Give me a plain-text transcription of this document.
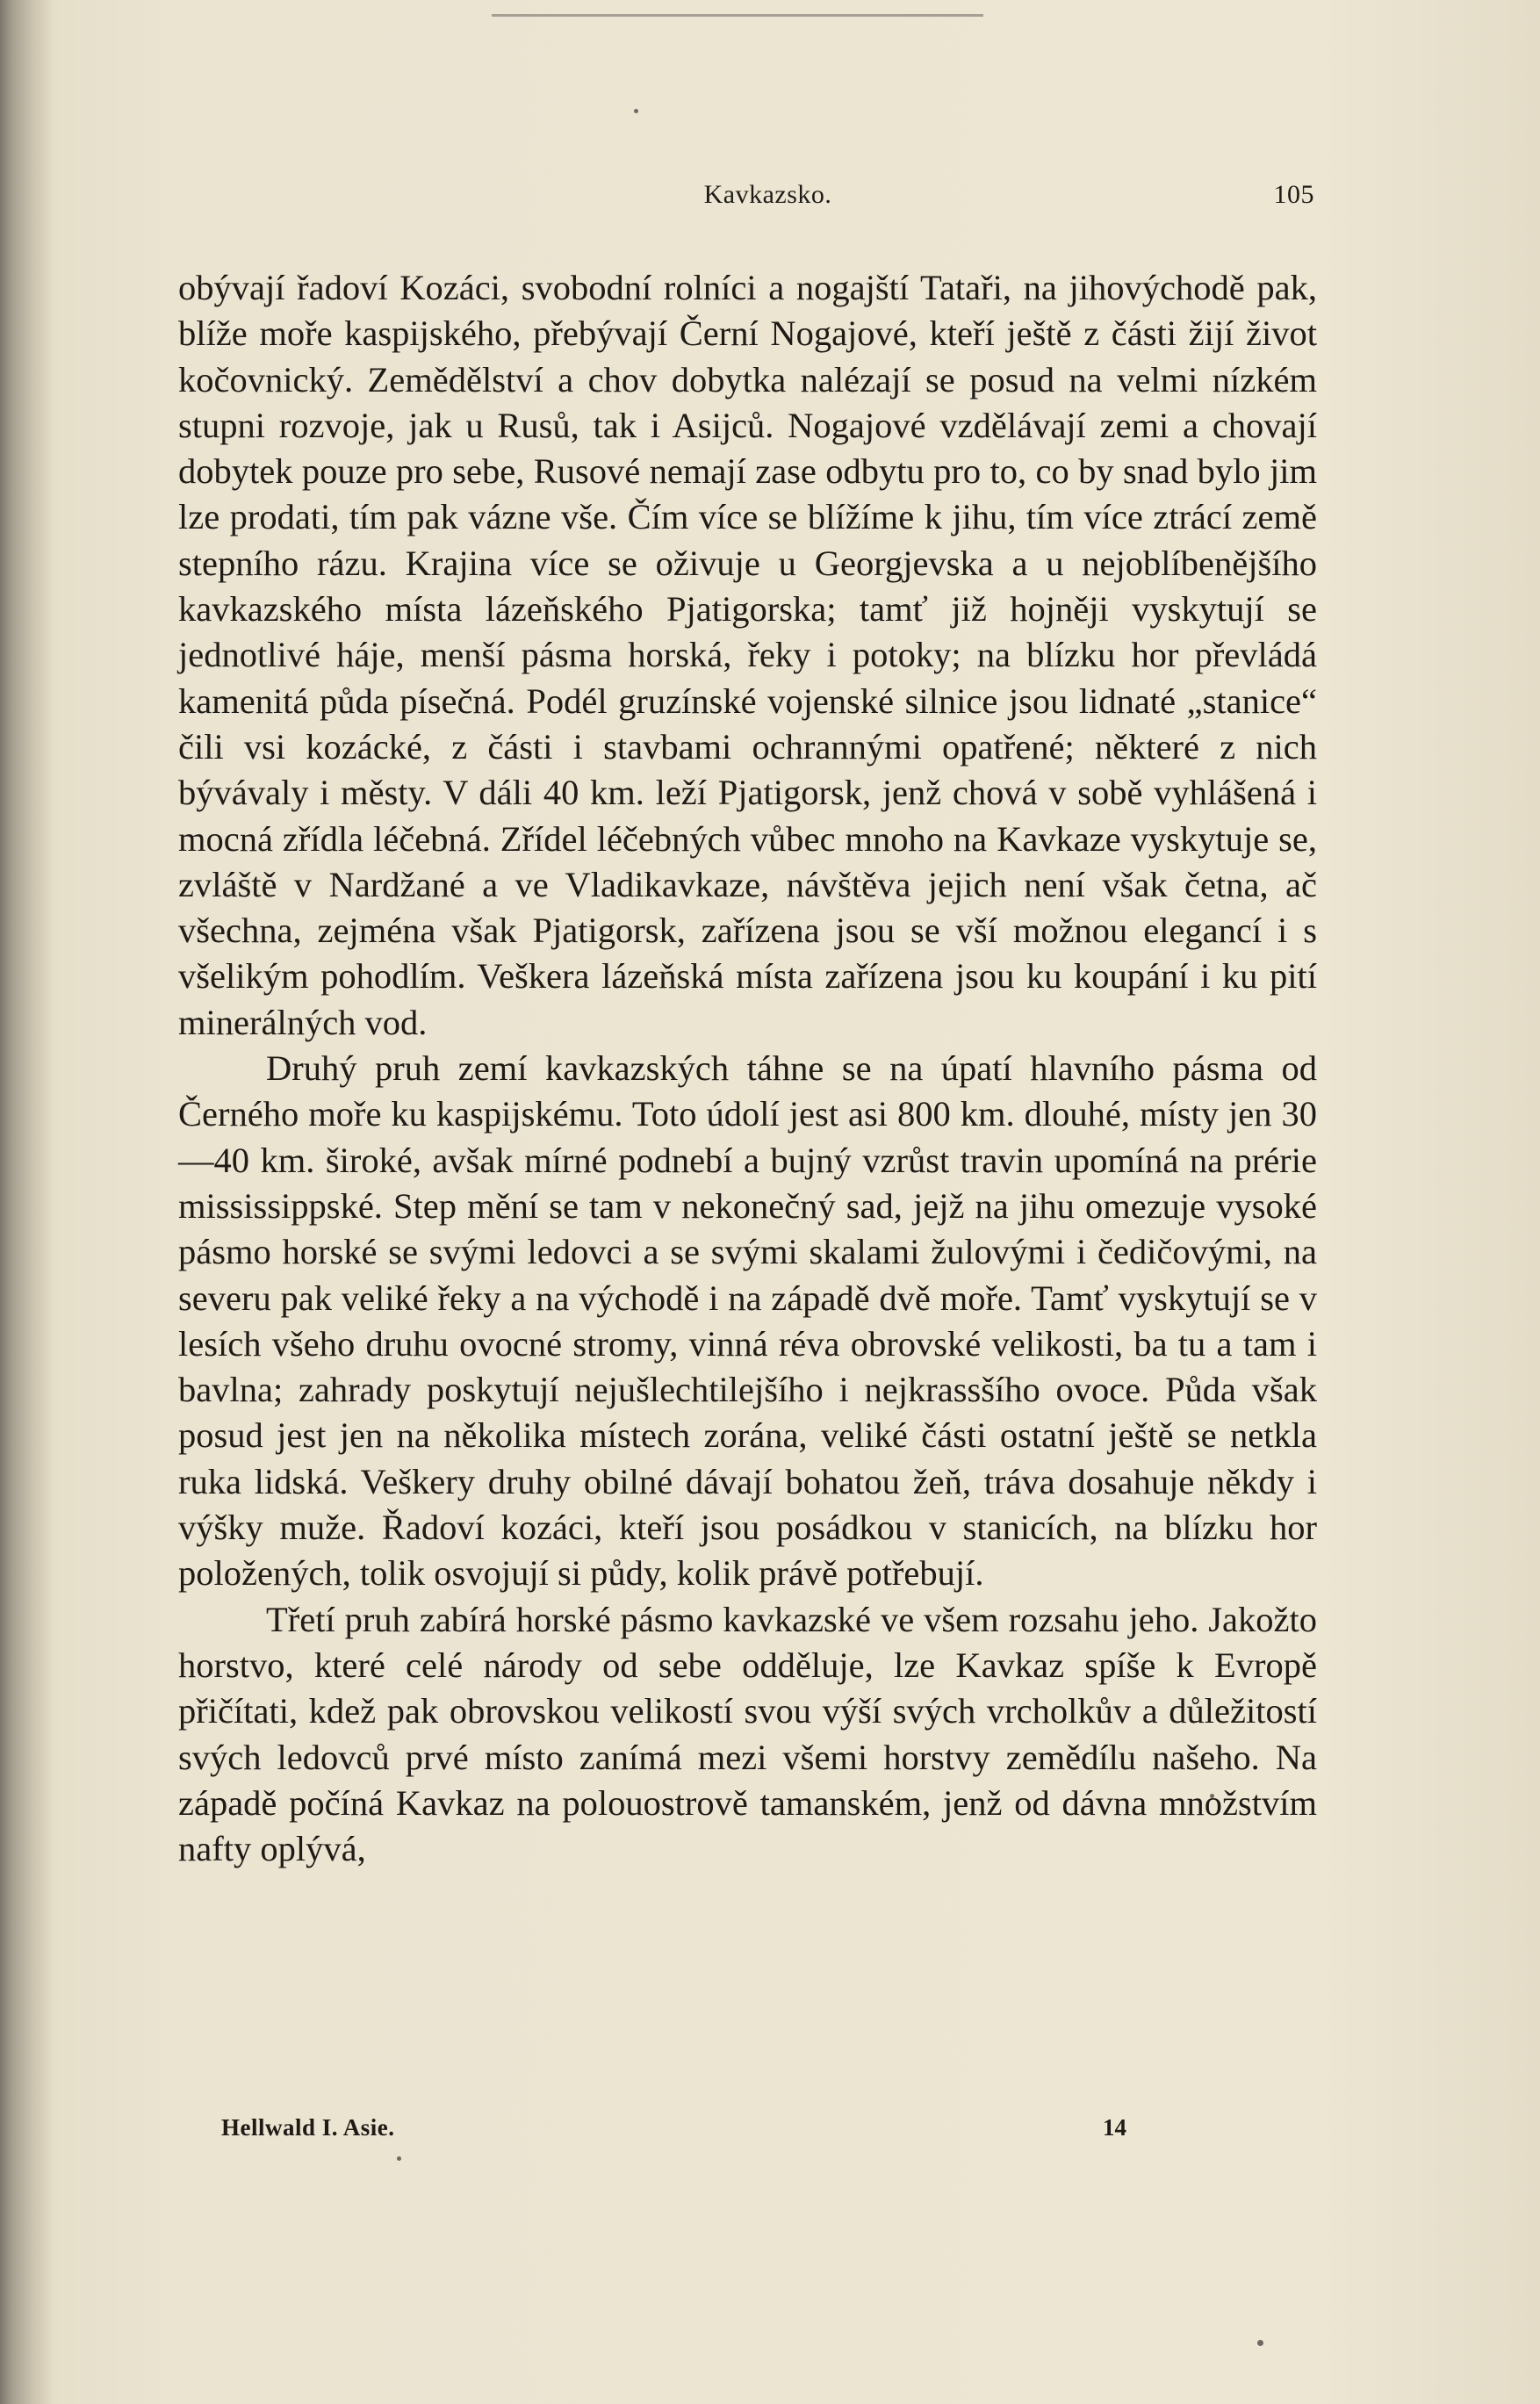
Kavkazsko.	105

obývají řadoví Kozáci, svobodní rolníci a nogajští Tataři, na jihovýchodě pak, blíže moře kaspijského, přebývají Černí Nogajové, kteří ještě z části žijí život kočovnický. Zemědělství a chov dobytka nalézají se posud na velmi nízkém stupni rozvoje, jak u Rusů, tak i Asijců. Nogajové vzdělávají zemi a chovají dobytek pouze pro sebe, Rusové nemají zase odbytu pro to, co by snad bylo jim lze prodati, tím pak vázne vše. Čím více se blížíme k jihu, tím více ztrácí země stepního rázu. Krajina více se oživuje u Georgjevska a u nejoblíbenějšího kavkazského místa lázeňského Pjatigorska; tamť již hojněji vyskytují se jednotlivé háje, menší pásma horská, řeky i potoky; na blízku hor převládá kamenitá půda písečná. Podél gruzínské vojenské silnice jsou lidnaté „stanice“ čili vsi kozácké, z části i stavbami ochrannými opatřené; některé z nich bývávaly i městy. V dáli 40 km. leží Pjatigorsk, jenž chová v sobě vyhlášená i mocná zřídla léčebná. Zřídel léčebných vůbec mnoho na Kavkaze vyskytuje se, zvláště v Nardžané a ve Vladikavkaze, návštěva jejich není však četna, ač všechna, zejména však Pjatigorsk, zařízena jsou se vší možnou elegancí i s všelikým pohodlím. Veškera lázeňská místa zařízena jsou ku koupání i ku pití minerálných vod.

Druhý pruh zemí kavkazských táhne se na úpatí hlavního pásma od Černého moře ku kaspijskému. Toto údolí jest asi 800 km. dlouhé, místy jen 30—40 km. široké, avšak mírné podnebí a bujný vzrůst travin upomíná na prérie mississippské. Step mění se tam v nekonečný sad, jejž na jihu omezuje vysoké pásmo horské se svými ledovci a se svými skalami žulovými i čedičovými, na severu pak veliké řeky a na východě i na západě dvě moře. Tamť vyskytují se v lesích všeho druhu ovocné stromy, vinná réva obrovské velikosti, ba tu a tam i bavlna; zahrady poskytují nejušlechtilejšího i nejkrassšího ovoce. Půda však posud jest jen na několika místech zorána, veliké části ostatní ještě se netkla ruka lidská. Veškery druhy obilné dávají bohatou žeň, tráva dosahuje někdy i výšky muže. Řadoví kozáci, kteří jsou posádkou v stanicích, na blízku hor položených, tolik osvojují si půdy, kolik právě potřebují.

Třetí pruh zabírá horské pásmo kavkazské ve všem rozsahu jeho. Jakožto horstvo, které celé národy od sebe odděluje, lze Kavkaz spíše k Evropě přičítati, kdež pak obrovskou velikostí svou výší svých vrcholkův a důležitostí svých ledovců prvé místo zanímá mezi všemi horstvy zemědílu našeho. Na západě počíná Kavkaz na polouostrově tamanském, jenž od dávna množstvím nafty oplývá,

Hellwald I. Asie.	14
